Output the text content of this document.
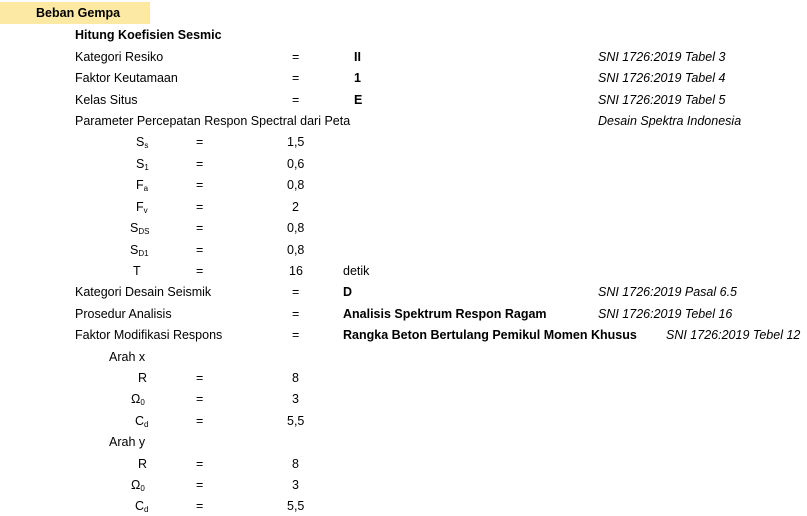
Beban Gempa
Hitung Koefisien Sesmic
Kategori Resiko	=	II	SNI 1726:2019 Tabel 3
Faktor Keutamaan	=	1	SNI 1726:2019 Tabel 4
Kelas Situs	=	E	SNI 1726:2019 Tabel 5
Parameter Percepatan Respon Spectral dari Peta	Desain Spektra Indonesia
$S_s$	=	1,5
$S_1$	=	0,6
$F_a$	=	0,8
$F_v$	=	2
$S_{DS}$	=	0,8
$S_{D1}$	=	0,8
T	=	16	detik
Kategori Desain Seismik	=	D	SNI 1726:2019 Pasal 6.5
Prosedur Analisis	=	Analisis Spektrum Respon Ragam	SNI 1726:2019 Tebel 16
Faktor Modifikasi Respons	=	Rangka Beton Bertulang Pemikul Momen Khusus SNI 1726:2019 Tebel 12
Arah x
R	=	8
$\Omega_0$	=	3
$C_d$	=	5,5
Arah y
R	=	8
$\Omega_0$	=	3
$C_d$	=	5,5
